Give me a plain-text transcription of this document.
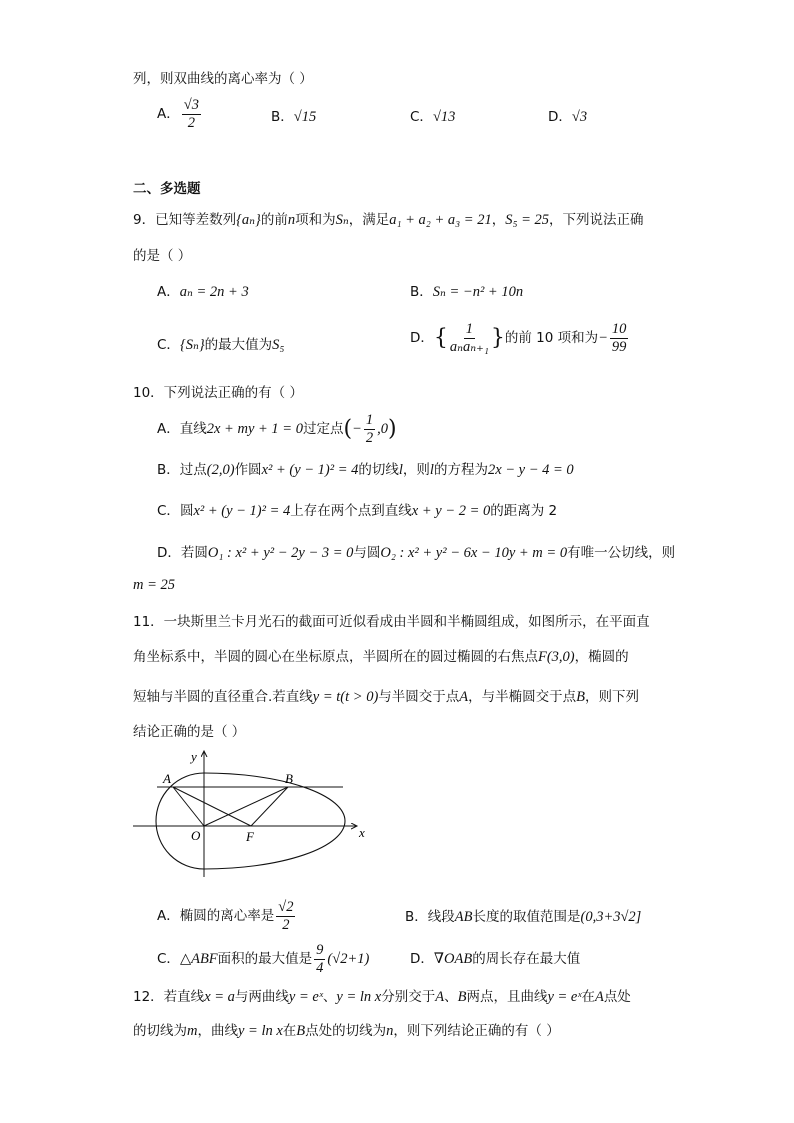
列，则双曲线的离心率为（ ）
A． $\frac{√3}{2}$	B．√15	C．√13	D．√3
二、多选题
9．已知等差数列{aₙ}的前n项和为Sₙ，满足a₁ + a₂ + a₃ = 21，S₅ = 25，下列说法正确
的是（ ）
A．aₙ = 2n + 3	B．Sₙ = −n² + 10n
C．{Sₙ}的最大值为S₅	D．{ $\frac{1}{\text{aₙaₙ₊₁}}$ }的前 10 项和为− $\frac{10}{99}$
10．下列说法正确的有（ ）
A．直线2x + my + 1 = 0过定点(− $\frac{1}{2} ,0$)
B．过点(2,0)作圆x² + (y − 1)² = 4的切线l，则l的方程为2x − y − 4 = 0
C．圆x² + (y − 1)² = 4上存在两个点到直线x + y − 2 = 0的距离为 2
D．若圆O₁ : x² + y² − 2y − 3 = 0与圆O₂ : x² + y² − 6x − 10y + m = 0有唯一公切线，则
m = 25
11．一块斯里兰卡月光石的截面可近似看成由半圆和半椭圆组成，如图所示，在平面直
角坐标系中，半圆的圆心在坐标原点，半圆所在的圆过椭圆的右焦点F(3,0)，椭圆的
短轴与半圆的直径重合.若直线y = t(t > 0)与半圆交于点A，与半椭圆交于点B，则下列
结论正确的是（ ）
y
x
A	B
O	F
A．椭圆的离心率是 $\frac{√2}{2}$	B．线段AB长度的取值范围是(0,3+3√2]
C．△ABF面积的最大值是 $\frac{9}{4} (√2+1)$	D．∇OAB的周长存在最大值
12．若直线x = a与两曲线y = eˣ、y = ln x分别交于A、B两点，且曲线y = eˣ在A点处
的切线为m，曲线y = ln x在B点处的切线为n，则下列结论正确的有（ ）
